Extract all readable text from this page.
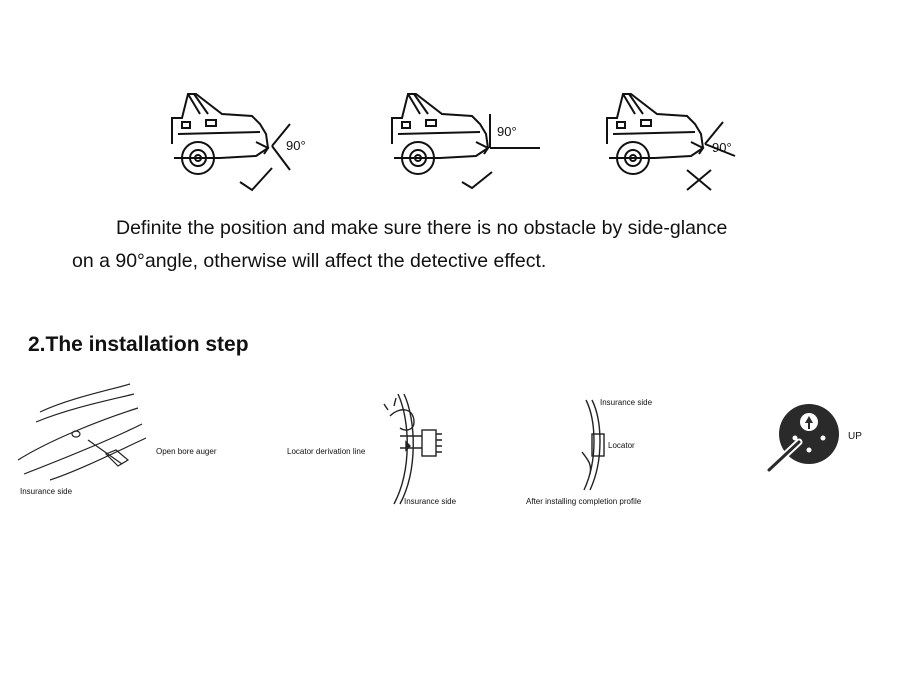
90°
90°
90°
Definite the position and make sure there is no obstacle by side-glance
on a 90°angle, otherwise will affect the detective effect.
2.The installation step
Insurance side
Open bore auger	Locator derivation line
Insurance side
Insurance side
Locator
After installing completion profile
UP
